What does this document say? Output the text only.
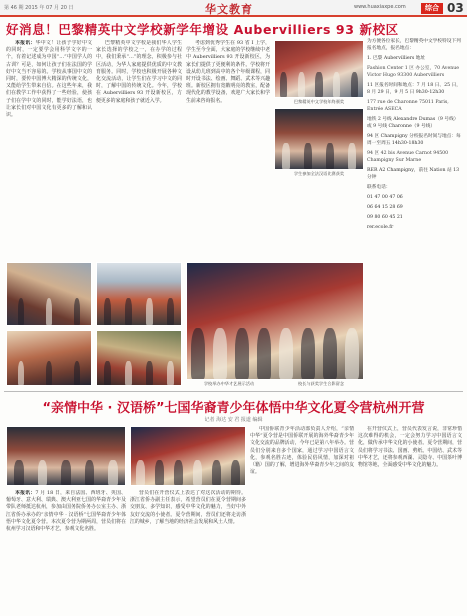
第 46 期 2015 年 07 月 20 日	华文教育	www.huaxiaxpe.com	综合 03
好消息！巴黎精英中文学校新学年增设 Aubervilliers 93 新校区

本报讯：华中文！让孩子学好中文的同时，一定要学会用科学文字的一个，有着记述成为中国“…”中国学人的古训？可是，如何让孩子们在法国的学好中文当不容易的。学校从事国中文的同时，要传中国博大精深的传统文化，又能给学生带来自信。在这些年来，我们在教学工作中获得了一些经验，使孩子们在学中文的同时，能学好法语，也让家长们对中国文化有更多的了解和认识。

巴黎精英中文学校是我们华人学生家长选择的学校之一，在办学的过程中，我们秉承“…”的理念，积极参与社区活动，为华人家庭提供优质的中文教育服务。同时，学校也积极开展各种文化交流活动，让学生们在学习中文的同时，了解中国的传统文化。今年，学校在 Aubervilliers 93 开设新校区，方便更多的家庭和孩子就近入学。

考虑到优秀学生在 93 省 I 上学，学生至今全面，大家庭的学校继续中老中 Aubervilliers 93 开设新校区，为家长们提供了更便利的条件。学校将开设从幼儿班到高中的各个年级课程，同时开设书法、绘画、舞蹈、武术等兴趣班。新校区拥有宽敞明亮的教室，配备现代化的教学设备，欢迎广大家长和学生前来咨询报名。	巴黎精英中文学校年终颁奖
学生参加全法汉语比赛获奖

为方便各位家长，巴黎精英中文学校特设下列报名地点，报名地点：

1. 巴黎 Aubervilliers 地址

Fashion Center 1 区 办公室，70 Avenue Victor Hugo 93300 Aubervilliers

11 区报名时间和地点：7 月 18 日、25 日，8 月 29 日，9 月 5 日 9h30-12h30

177 rue de Charonne 75011 Paris, Entrée ASECA

地铁 2 号线 Alexandre Dumas（9 号线）或 9 号线 Charonne（9 号线）

94 区 Champigny 分校报名时间与地点：每周一至周五 14h30-18h30

94 区 42 bis Avenue Carnot 94500 Champigny Sur Marne

RER A2 Champigny，前往 Nation 站 13 分钟

联系电话：

01 47 00 47 06

06 64 15 28 69

09 80 60 45 21

rer.ecole.fr

学校举办中华才艺展示活动	校长与获奖学生合影留念
“亲情中华 · 汉语桥”七国华裔青少年体悟中华文化夏令营杭州开营
记者 海达 安 君 报道 编辑

本报讯：7 月 18 日，来自法国、西班牙、英国、葡萄牙、意大利、瑞典、澳大利亚七国的华裔青少年及带队老师抵达杭州，参加由国务院侨务办公室主办、浙江省侨办承办的“亲情中华 · 汉语桥”七国华裔青少年体悟中华文化夏令营。本次夏令营为期两周，营员们将在杭州学习汉语和中华才艺，参观文化名胜。

营员们在开营仪式上表达了对这次活动的期待。浙江省侨办副主任表示，希望营员们在夏令营期间多交朋友、多学知识，感受中华文化的魅力，当好中外友好交流的小使者。夏令营期间，营员们还将走访浙江的城乡，了解当地的经济社会发展和风土人情。

中国侨联青少年活动部负责人介绍，“亲情中华”夏令营是中国侨联开展的海外华裔青少年文化交流的品牌活动，今年已是第八年举办。营员们分别来自多个国家，通过学习中国语言文化，参观名胜古迹，体验民俗风情，加深对祖（籍）国的了解，增进海外华裔青少年之间的友谊。

在开营仪式上，营员代表发言说，非常珍惜这次难得的机会，一定会努力学习中国语言文化，做传承中华文化的小使者。夏令营期间，营员们将学习书法、国画、剪纸、中国结、武术等中华才艺，还将参观西湖、灵隐寺、中国茶叶博物馆等地，全面感受中华文化的魅力。
